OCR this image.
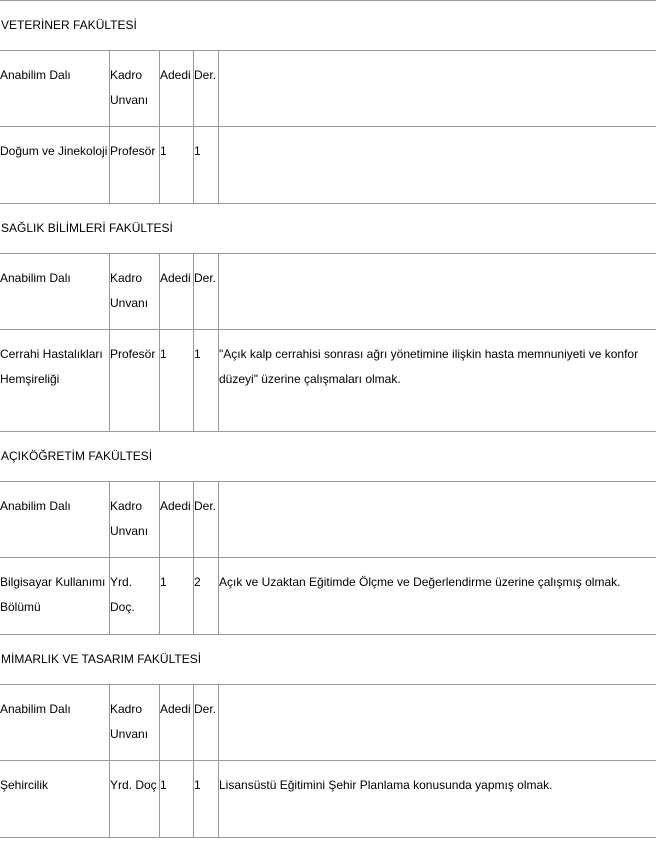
VETERİNER FAKÜLTESİ				
Anabilim Dalı	Kadro Unvanı	Adedi	Der.	
Doğum ve Jinekoloji	Profesör	1	1	
SAĞLIK BİLİMLERİ FAKÜLTESİ				
Anabilim Dalı	Kadro Unvanı	Adedi	Der.	
Cerrahi Hastalıkları Hemşireliği	Profesör	1	1	"Açık kalp cerrahisi sonrası ağrı yönetimine ilişkin hasta memnuniyeti ve konfor düzeyi" üzerine çalışmaları olmak.
AÇIKÖĞRETİM FAKÜLTESİ				
Anabilim Dalı	Kadro Unvanı	Adedi	Der.	
Bilgisayar Kullanımı Bölümü	Yrd. Doç.	1	2	Açık ve Uzaktan Eğitimde Ölçme ve Değerlendirme üzerine çalışmış olmak.
MİMARLIK VE TASARIM FAKÜLTESİ				
Anabilim Dalı	Kadro Unvanı	Adedi	Der.	
Şehircilik	Yrd. Doç	1	1	Lisansüstü Eğitimini Şehir Planlama konusunda yapmış olmak.
